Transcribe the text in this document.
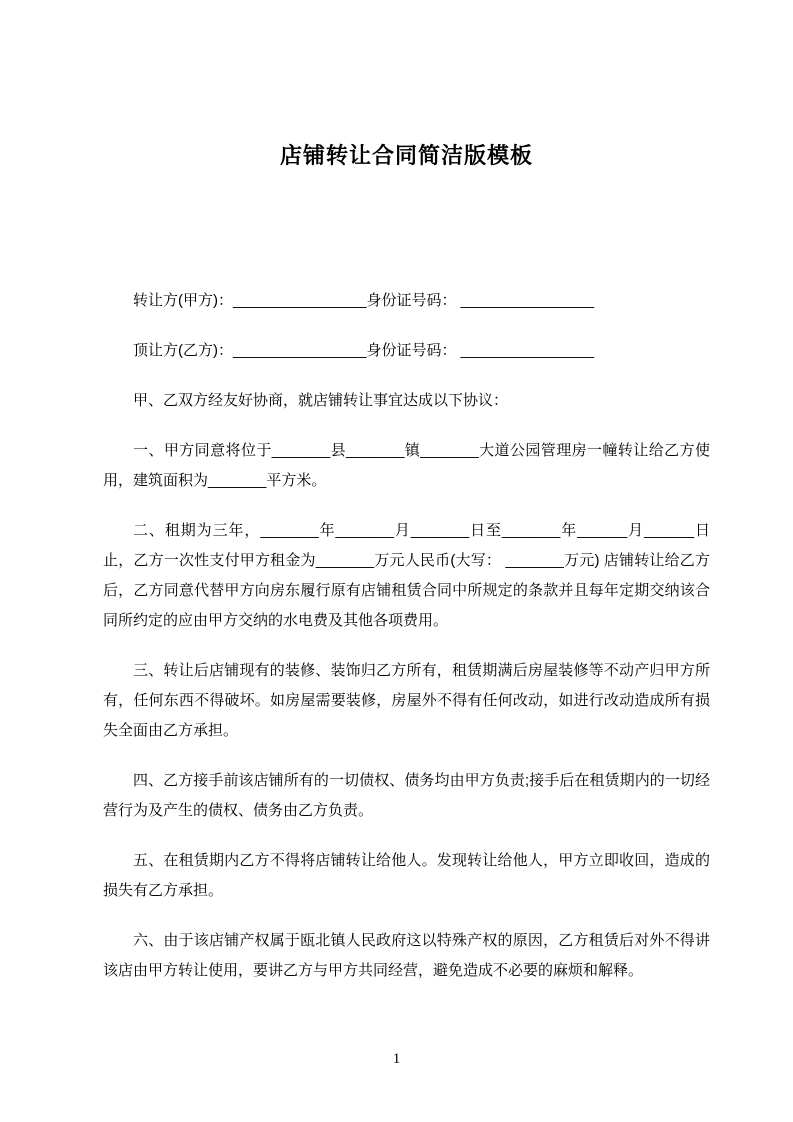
店铺转让合同简洁版模板

转让方(甲方)：________________身份证号码： ________________

顶让方(乙方)：________________身份证号码： ________________

甲、乙双方经友好协商，就店铺转让事宜达成以下协议：

一、甲方同意将位于_______县_______镇_______大道公园管理房一幢转让给乙方使用，建筑面积为_______平方米。

二、租期为三年，_______年_______月_______日至_______年______月______日止，乙方一次性支付甲方租金为_______万元人民币(大写： _______万元) 店铺转让给乙方后，乙方同意代替甲方向房东履行原有店铺租赁合同中所规定的条款并且每年定期交纳该合同所约定的应由甲方交纳的水电费及其他各项费用。

三、转让后店铺现有的装修、装饰归乙方所有，租赁期满后房屋装修等不动产归甲方所有，任何东西不得破坏。如房屋需要装修，房屋外不得有任何改动，如进行改动造成所有损失全面由乙方承担。

四、乙方接手前该店铺所有的一切债权、债务均由甲方负责;接手后在租赁期内的一切经营行为及产生的债权、债务由乙方负责。

五、在租赁期内乙方不得将店铺转让给他人。发现转让给他人，甲方立即收回，造成的损失有乙方承担。

六、由于该店铺产权属于瓯北镇人民政府这以特殊产权的原因，乙方租赁后对外不得讲该店由甲方转让使用，要讲乙方与甲方共同经营，避免造成不必要的麻烦和解释。

1
